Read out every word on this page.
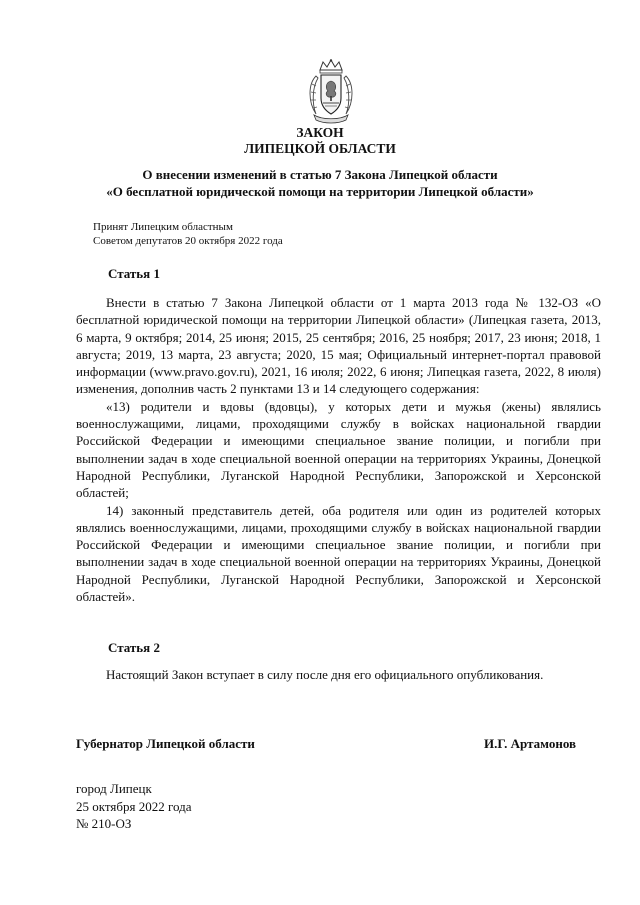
ЗАКОН
ЛИПЕЦКОЙ ОБЛАСТИ
О внесении изменений в статью 7 Закона Липецкой области
«О бесплатной юридической помощи на территории Липецкой области»
Принят Липецким областным
Советом депутатов 20 октября 2022 года
Статья 1

Внести в статью 7 Закона Липецкой области от 1 марта 2013 года № 132-ОЗ «О бесплатной юридической помощи на территории Липецкой области» (Липецкая газета, 2013, 6 марта, 9 октября; 2014, 25 июня; 2015, 25 сентября; 2016, 25 ноября; 2017, 23 июня; 2018, 1 августа; 2019, 13 марта, 23 августа; 2020, 15 мая; Официальный интернет-портал правовой информации (www.pravo.gov.ru), 2021, 16 июля; 2022, 6 июня; Липецкая газета, 2022, 8 июля) изменения, дополнив часть 2 пунктами 13 и 14 следующего содержания:

«13) родители и вдовы (вдовцы), у которых дети и мужья (жены) являлись военнослужащими, лицами, проходящими службу в войсках национальной гвардии Российской Федерации и имеющими специальное звание полиции, и погибли при выполнении задач в ходе специальной военной операции на территориях Украины, Донецкой Народной Республики, Луганской Народной Республики, Запорожской и Херсонской областей;

14) законный представитель детей, оба родителя или один из родителей которых являлись военнослужащими, лицами, проходящими службу в войсках национальной гвардии Российской Федерации и имеющими специальное звание полиции, и погибли при выполнении задач в ходе специальной военной операции на территориях Украины, Донецкой Народной Республики, Луганской Народной Республики, Запорожской и Херсонской областей».

Статья 2

Настоящий Закон вступает в силу после дня его официального опубликования.

Губернатор Липецкой области	И.Г. Артамонов
город Липецк
25 октября 2022 года
№ 210-ОЗ
